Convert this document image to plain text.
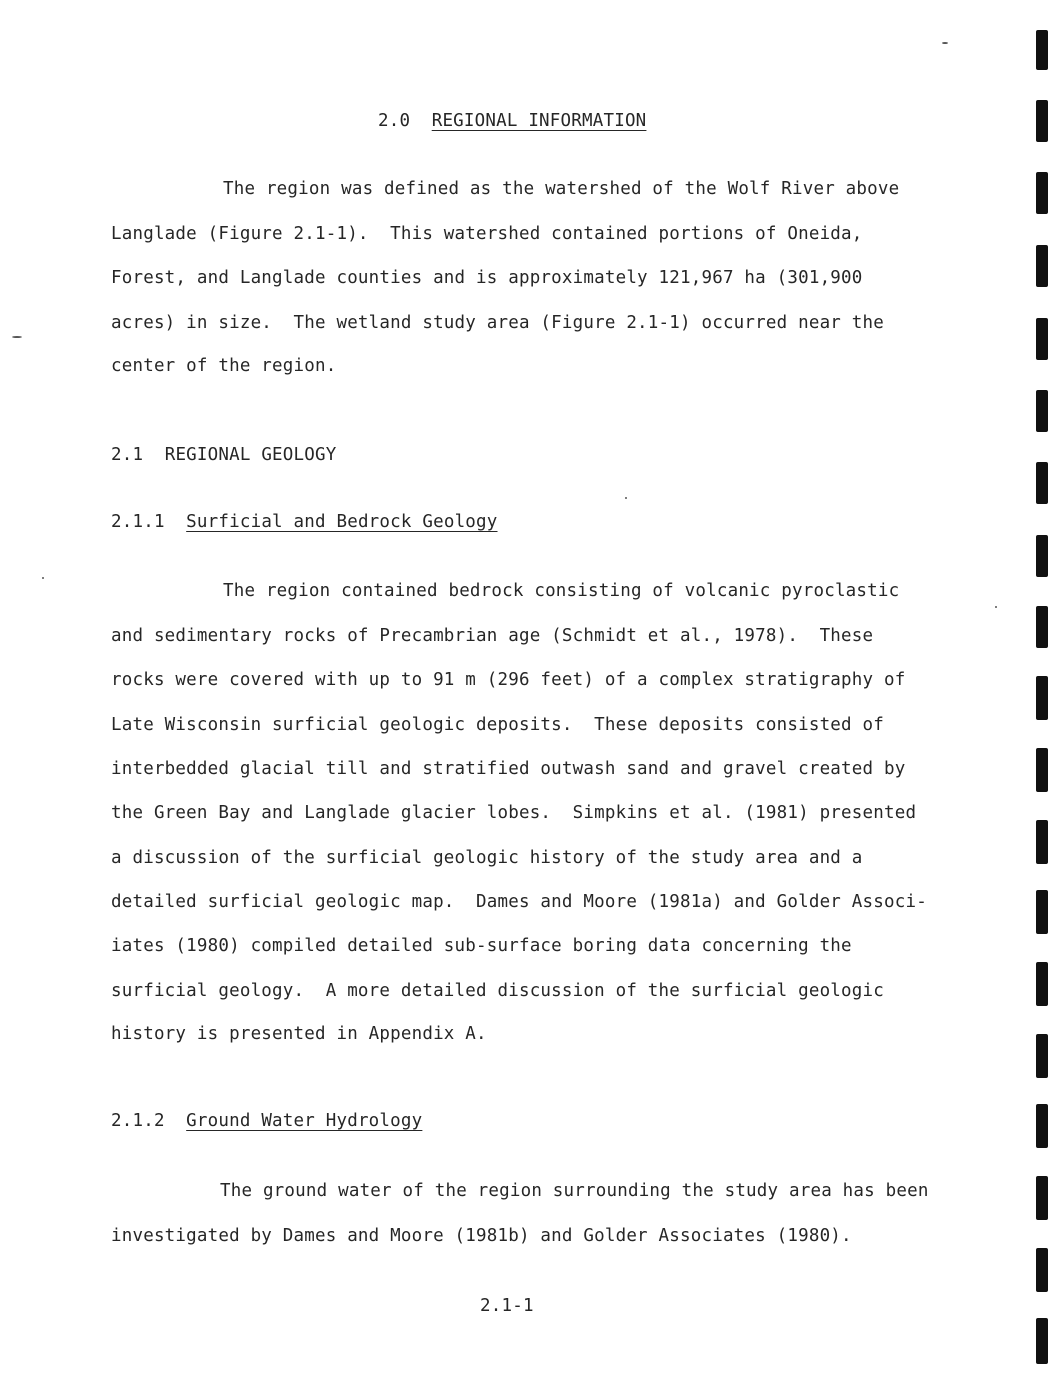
2.0 REGIONAL INFORMATION
The region was defined as the watershed of the Wolf River above
Langlade (Figure 2.1-1).  This watershed contained portions of Oneida,
Forest, and Langlade counties and is approximately 121,967 ha (301,900
acres) in size.  The wetland study area (Figure 2.1-1) occurred near the
center of the region.
2.1 REGIONAL GEOLOGY
2.1.1 Surficial and Bedrock Geology
The region contained bedrock consisting of volcanic pyroclastic
and sedimentary rocks of Precambrian age (Schmidt et al., 1978).  These
rocks were covered with up to 91 m (296 feet) of a complex stratigraphy of
Late Wisconsin surficial geologic deposits.  These deposits consisted of
interbedded glacial till and stratified outwash sand and gravel created by
the Green Bay and Langlade glacier lobes.  Simpkins et al. (1981) presented
a discussion of the surficial geologic history of the study area and a
detailed surficial geologic map.  Dames and Moore (1981a) and Golder Associ-
iates (1980) compiled detailed sub-surface boring data concerning the
surficial geology.  A more detailed discussion of the surficial geologic
history is presented in Appendix A.
2.1.2 Ground Water Hydrology
The ground water of the region surrounding the study area has been
investigated by Dames and Moore (1981b) and Golder Associates (1980).
2.1-1
